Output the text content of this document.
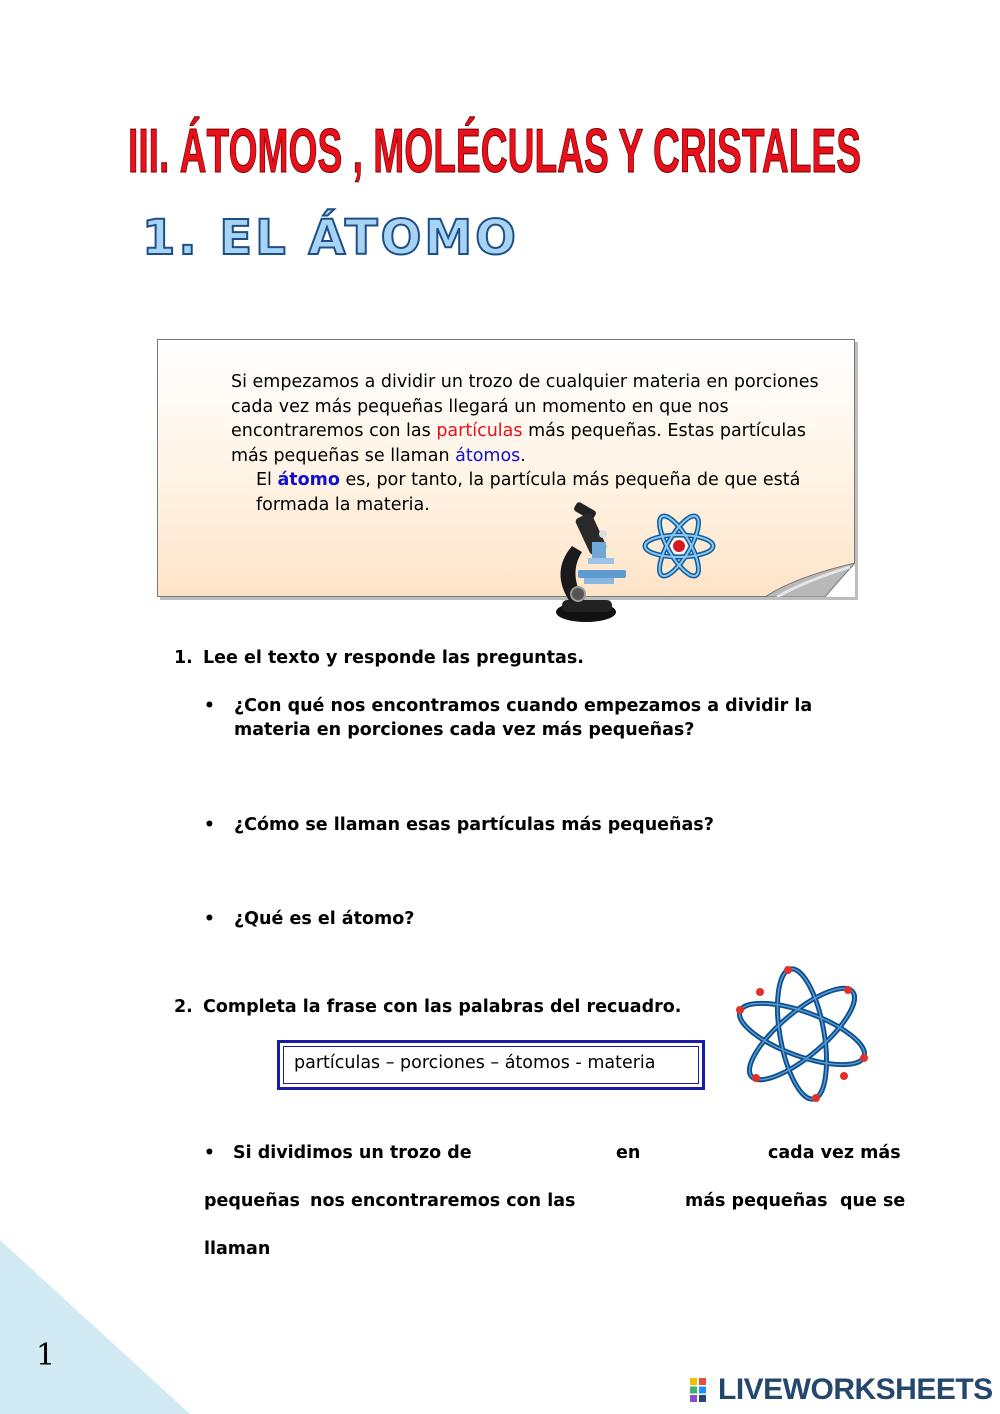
III. ÁTOMOS , MOLÉCULAS Y CRISTALES
1. EL ÁTOMO

Si empezamos a dividir un trozo de cualquier materia en porciones cada vez más pequeñas llegará un momento en que nos encontraremos con las partículas más pequeñas. Estas partículas más pequeñas se llaman átomos.

El átomo es, por tanto, la partícula más pequeña de que está formada la materia.

1. Lee el texto y responde las preguntas.
• ¿Con qué nos encontramos cuando empezamos a dividir la materia en porciones cada vez más pequeñas?
• ¿Cómo se llaman esas partículas más pequeñas?
• ¿Qué es el átomo?
2. Completa la frase con las palabras del recuadro.
partículas – porciones – átomos - materia
• Si dividimos un trozo de	en	cada vez más
pequeñas nos encontraremos con las	más pequeñas que se
llaman
1
LIVEWORKSHEETS
